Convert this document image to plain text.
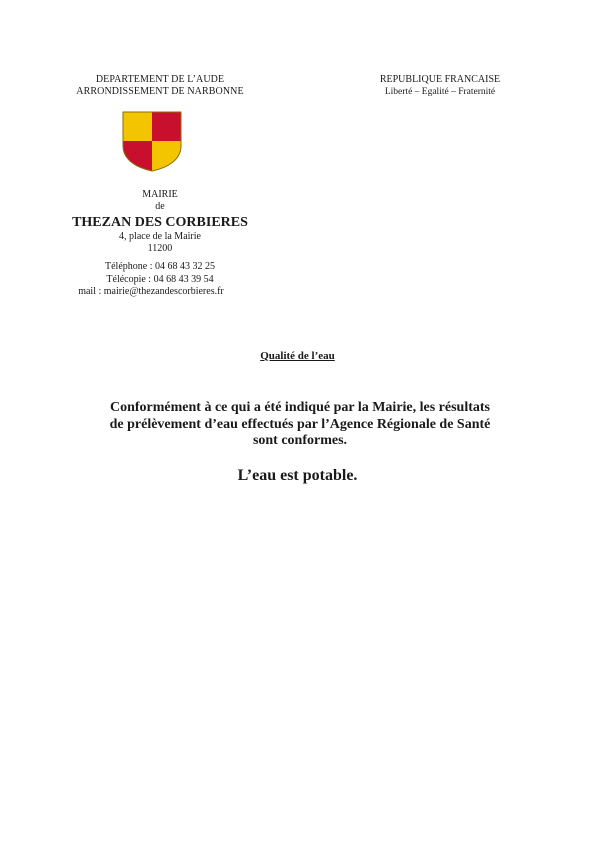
DEPARTEMENT DE L’AUDE
ARRONDISSEMENT DE NARBONNE
REPUBLIQUE FRANCAISE
Liberté – Egalité – Fraternité
MAIRIE
de
THEZAN DES CORBIERES
4, place de la Mairie
11200
Téléphone : 04 68 43 32 25
Télécopie : 04 68 43 39 54
mail : mairie@thezandescorbieres.fr
Qualité de l’eau
Conformément à ce qui a été indiqué par la Mairie, les résultats
de prélèvement d’eau effectués par l’Agence Régionale de Santé
sont conformes.
L’eau est potable.
